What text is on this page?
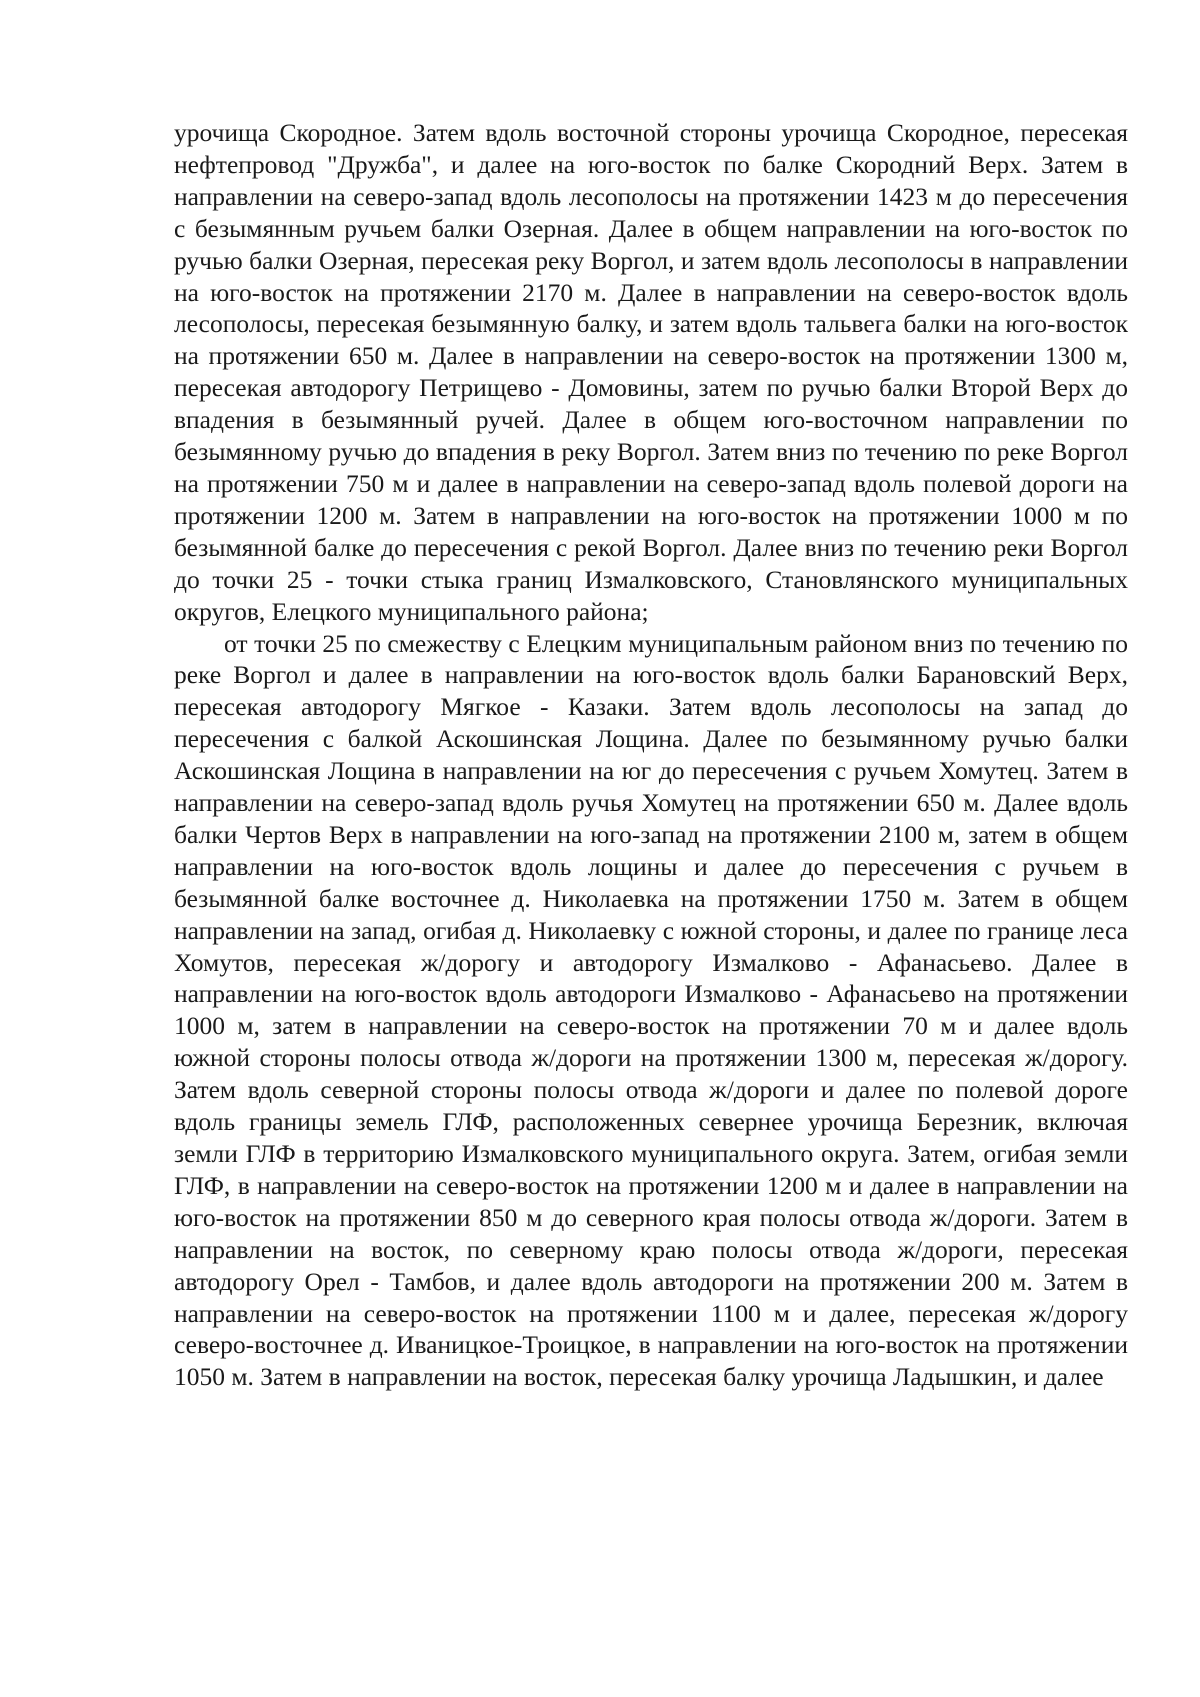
урочища Скородное. Затем вдоль восточной стороны урочища Скородное, пересекая нефтепровод "Дружба", и далее на юго-восток по балке Скородний Верх. Затем в направлении на северо-запад вдоль лесополосы на протяжении 1423 м до пересечения с безымянным ручьем балки Озерная. Далее в общем направлении на юго-восток по ручью балки Озерная, пересекая реку Воргол, и затем вдоль лесополосы в направлении на юго-восток на протяжении 2170 м. Далее в направлении на северо-восток вдоль лесополосы, пересекая безымянную балку, и затем вдоль тальвега балки на юго-восток на протяжении 650 м. Далее в направлении на северо-восток на протяжении 1300 м, пересекая автодорогу Петрищево - Домовины, затем по ручью балки Второй Верх до впадения в безымянный ручей. Далее в общем юго-восточном направлении по безымянному ручью до впадения в реку Воргол. Затем вниз по течению по реке Воргол на протяжении 750 м и далее в направлении на северо-запад вдоль полевой дороги на протяжении 1200 м. Затем в направлении на юго-восток на протяжении 1000 м по безымянной балке до пересечения с рекой Воргол. Далее вниз по течению реки Воргол до точки 25 - точки стыка границ Измалковского, Становлянского муниципальных округов, Елецкого муниципального района;

от точки 25 по смежеству с Елецким муниципальным районом вниз по течению по реке Воргол и далее в направлении на юго-восток вдоль балки Барановский Верх, пересекая автодорогу Мягкое - Казаки. Затем вдоль лесополосы на запад до пересечения с балкой Аскошинская Лощина. Далее по безымянному ручью балки Аскошинская Лощина в направлении на юг до пересечения с ручьем Хомутец. Затем в направлении на северо-запад вдоль ручья Хомутец на протяжении 650 м. Далее вдоль балки Чертов Верх в направлении на юго-запад на протяжении 2100 м, затем в общем направлении на юго-восток вдоль лощины и далее до пересечения с ручьем в безымянной балке восточнее д. Николаевка на протяжении 1750 м. Затем в общем направлении на запад, огибая д. Николаевку с южной стороны, и далее по границе леса Хомутов, пересекая ж/дорогу и автодорогу Измалково - Афанасьево. Далее в направлении на юго-восток вдоль автодороги Измалково - Афанасьево на протяжении 1000 м, затем в направлении на северо-восток на протяжении 70 м и далее вдоль южной стороны полосы отвода ж/дороги на протяжении 1300 м, пересекая ж/дорогу. Затем вдоль северной стороны полосы отвода ж/дороги и далее по полевой дороге вдоль границы земель ГЛФ, расположенных севернее урочища Березник, включая земли ГЛФ в территорию Измалковского муниципального округа. Затем, огибая земли ГЛФ, в направлении на северо-восток на протяжении 1200 м и далее в направлении на юго-восток на протяжении 850 м до северного края полосы отвода ж/дороги. Затем в направлении на восток, по северному краю полосы отвода ж/дороги, пересекая автодорогу Орел - Тамбов, и далее вдоль автодороги на протяжении 200 м. Затем в направлении на северо-восток на протяжении 1100 м и далее, пересекая ж/дорогу северо-восточнее д. Иваницкое-Троицкое, в направлении на юго-восток на протяжении 1050 м. Затем в направлении на восток, пересекая балку урочища Ладышкин, и далее
